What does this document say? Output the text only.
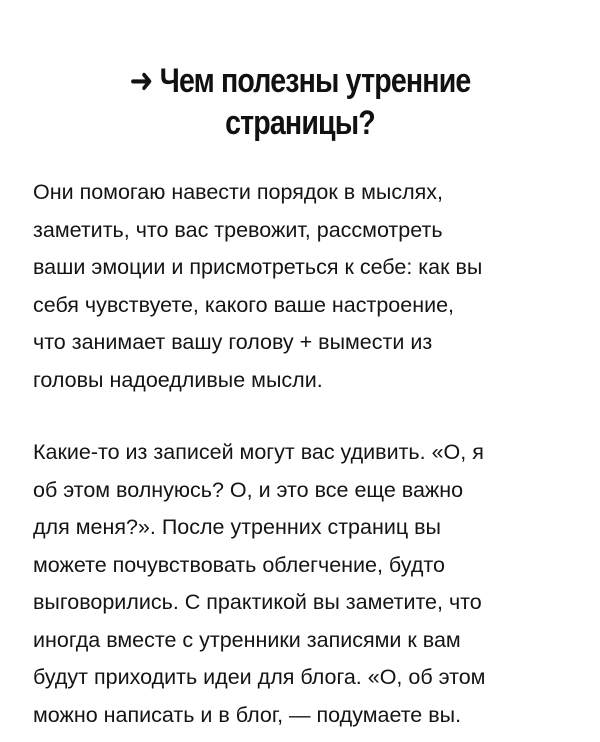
➜ Чем полезны утренние
страницы?

Они помогаю навести порядок в мыслях,
заметить, что вас тревожит, рассмотреть
ваши эмоции и присмотреться к себе: как вы
себя чувствуете, какого ваше настроение,
что занимает вашу голову + вымести из
головы надоедливые мысли.

Какие-то из записей могут вас удивить. «О, я
об этом волнуюсь? О, и это все еще важно
для меня?». После утренних страниц вы
можете почувствовать облегчение, будто
выговорились. С практикой вы заметите, что
иногда вместе с утренники записями к вам
будут приходить идеи для блога. «О, об этом
можно написать и в блог, — подумаете вы.
